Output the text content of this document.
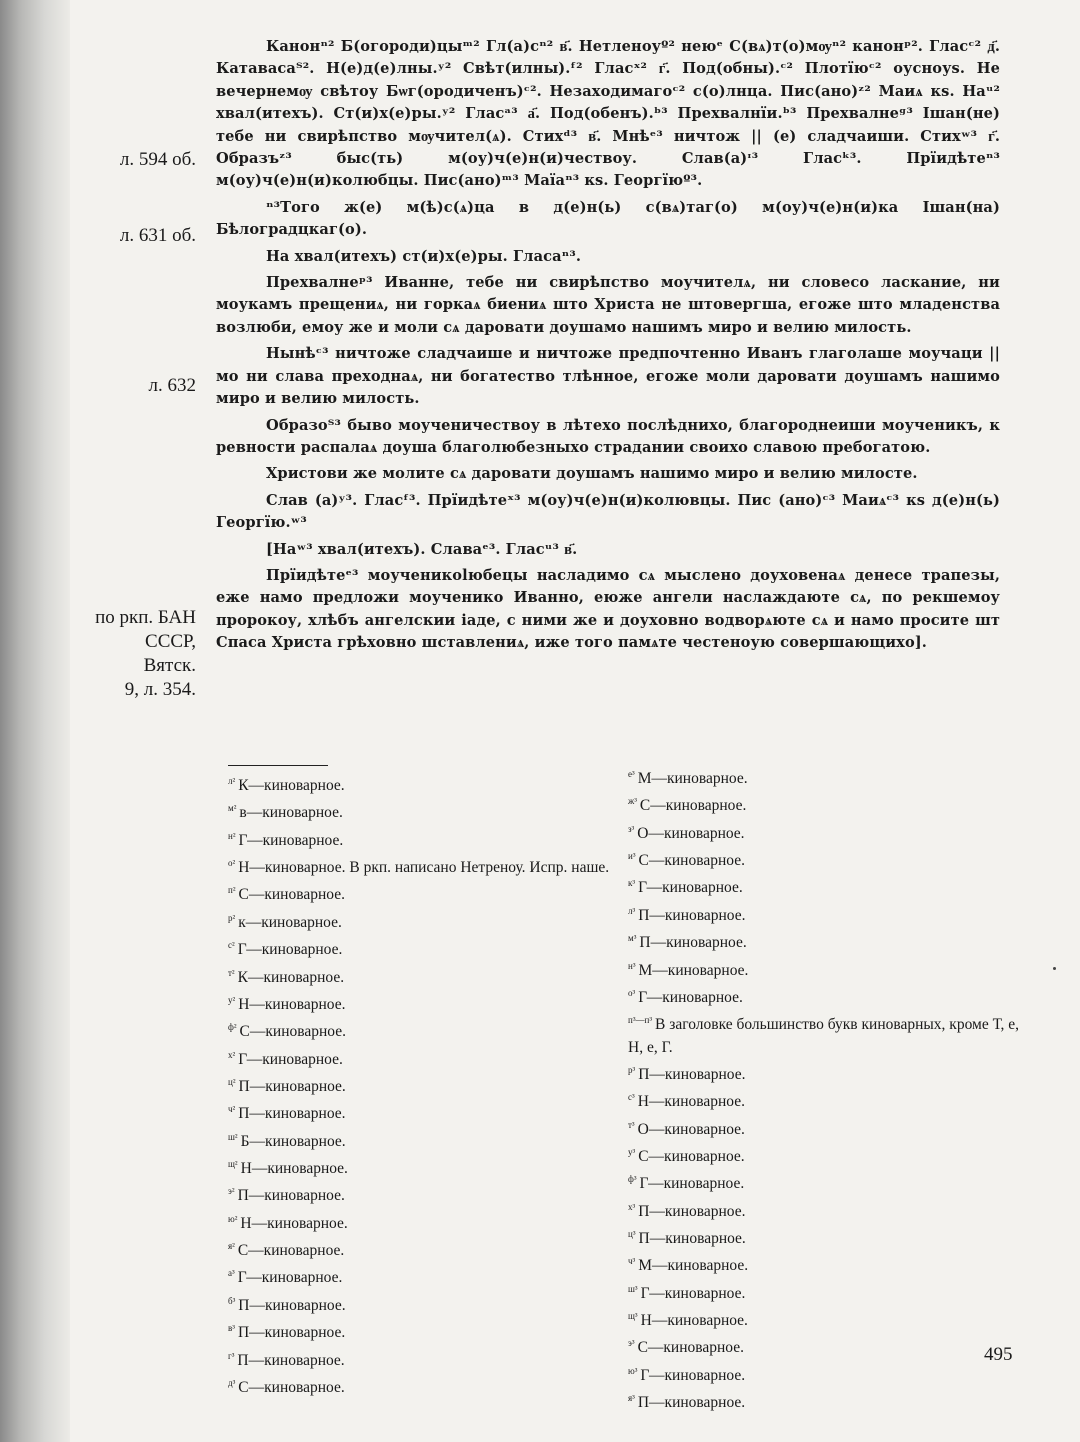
л. 594 об.
л. 631 об.
л. 632
по ркп. БАН
СССР,
Вятск.
9, л. 354.

Канонⁿ² Б(огороди)цыᵐ² Гл(а)сⁿ² в҃. Нетленоуº² неюᵉ С(вѧ)т(о)мѹⁿ² канонᵖ². Гласᶜ² д҃. Катавасаᵀ². Н(е)д(е)лны.ʸ² Свѣт(илны).ᶠ² Гласˣ² г҃. Под(обны).ᶜ² Плотїюᶜ² оусноуѕ. Не вечернемѹ свѣтоу Бѡг(ородиченъ)ᶜ². Незаходимагоᶜ² с(о)лнца. Пис(ано)ᶻ² Маиѧ кѕ. Наᵘ² хвал(итехъ). Ст(и)х(е)ры.ʸ² Гласᵃ³ а҃. Под(обенъ).ᵇ³ Прехвалнїи.ᵇ³ Прехвалнеᵍ³ Ішан(не) тебе ни свирѣпство мѹчител(ѧ). Стихᵈ³ в҃. Мнѣᵉ³ ничтож || (е) сладчаиши. Стихʷ³ г҃. Образъᶻ³ быс(ть) м(оу)ч(е)н(и)чествоу. Слав(а)ᶦ³ Гласᵏ³. Прїидѣтеⁿ³ м(оу)ч(е)н(и)колюбцы. Пис(ано)ᵐ³ Маїаⁿ³ кѕ. Георгїюº³.

ⁿ³Того ж(е) м(ѣ)с(ѧ)ца в д(е)н(ь) с(вѧ)таг(о) м(оу)ч(е)н(и)ка Ішан(на) Бѣлоградцкаг(о).

На хвал(итехъ) ст(и)х(е)ры. Гласаⁿ³.

Прехвалнеᵖ³ Иванне, тебе ни свирѣпство моучителѧ, ни словесо ласкание, ни моукамъ прещениѧ, ни горкаѧ биениѧ што Христа не штовергшa, егоже што младенства возлюби, емоу же и моли сѧ даровати доушамо нашимъ миро и велию милость.

Нынѣᶜ³ ничтоже сладчаише и ничтоже предпочтенно Иванъ глаголаше моучаци || мо ни слава преходнаѧ, ни богатество тлѣнное, егоже моли даровати доушамъ нашимо миро и велию милость.

Образоᵀ³ быво моученичествоу в лѣтехо послѣднихо, благороднеиши моученикъ, к ревности распалаѧ доуша благолюбезныхо страдании своихо славою пребогатою.

Христови же молите сѧ даровати доушамъ нашимо миро и велию милосте.

Слав (а)ʸ³. Гласᶠ³. Прїидѣтеˣ³ м(оу)ч(е)н(и)колювцы. Пис (ано)ᶜ³ Маиѧᶜ³ кѕ д(е)н(ь) Георгїю.ʷ³

[Наʷ³ хвал(итехъ). Славаᵉ³. Гласᵘ³ в҃.

Прїидѣтеᵉ³ моученикolюбецы насладимо сѧ мыслено доуховенаѧ денесе трапезы, еже намо предложи моученико Иванно, еюже ангели наслаждаюте сѧ, по рекшемоу пророкоу, хлѣбъ ангелскии іаде, с ними же и доуховно водворѧюте сѧ и намо просите шт Спаса Христа грѣховно шставлениѧ, иже того памѧте честеноую совершающихо].

$^{л^2}$ К—киноварное.
$^{м^2}$ в—киноварное.
$^{н^2}$ Г—киноварное.
$^{о^2}$ Н—киноварное. В ркп. написано Нетреноу. Испр. наше.
$^{п^2}$ С—киноварное.
$^{р^2}$ к—киноварное.
$^{с^2}$ Г—киноварное.
$^{т^2}$ К—киноварное.
$^{у^2}$ Н—киноварное.
$^{ф^2}$ С—киноварное.
$^{х^2}$ Г—киноварное.
$^{ц^2}$ П—киноварное.
$^{ч^2}$ П—киноварное.
$^{ш^2}$ Б—киноварное.
$^{щ^2}$ Н—киноварное.
$^{э^2}$ П—киноварное.
$^{ю^2}$ Н—киноварное.
$^{я^2}$ С—киноварное.
$^{а^3}$ Г—киноварное.
$^{б^3}$ П—киноварное.
$^{в^3}$ П—киноварное.
$^{г^3}$ П—киноварное.
$^{д^3}$ С—киноварное.
$^{е^3}$ М—киноварное.
$^{ж^3}$ С—киноварное.
$^{з^3}$ О—киноварное.
$^{и^3}$ С—киноварное.
$^{к^3}$ Г—киноварное.
$^{л^3}$ П—киноварное.
$^{м^3}$ П—киноварное.
$^{н^3}$ М—киноварное.
$^{о^3}$ Г—киноварное.
$^{п^3—п^3}$ В заголовке большинство букв киноварных, кроме Т, е, Н, е, Г.
$^{р^3}$ П—киноварное.
$^{с^3}$ Н—киноварное.
$^{т^3}$ О—киноварное.
$^{у^3}$ С—киноварное.
$^{ф^3}$ Г—киноварное.
$^{х^3}$ П—киноварное.
$^{ц^3}$ П—киноварное.
$^{ч^3}$ М—киноварное.
$^{ш^3}$ Г—киноварное.
$^{щ^3}$ Н—киноварное.
$^{э^3}$ С—киноварное.
$^{ю^3}$ Г—киноварное.
$^{я^3}$ П—киноварное.
495
